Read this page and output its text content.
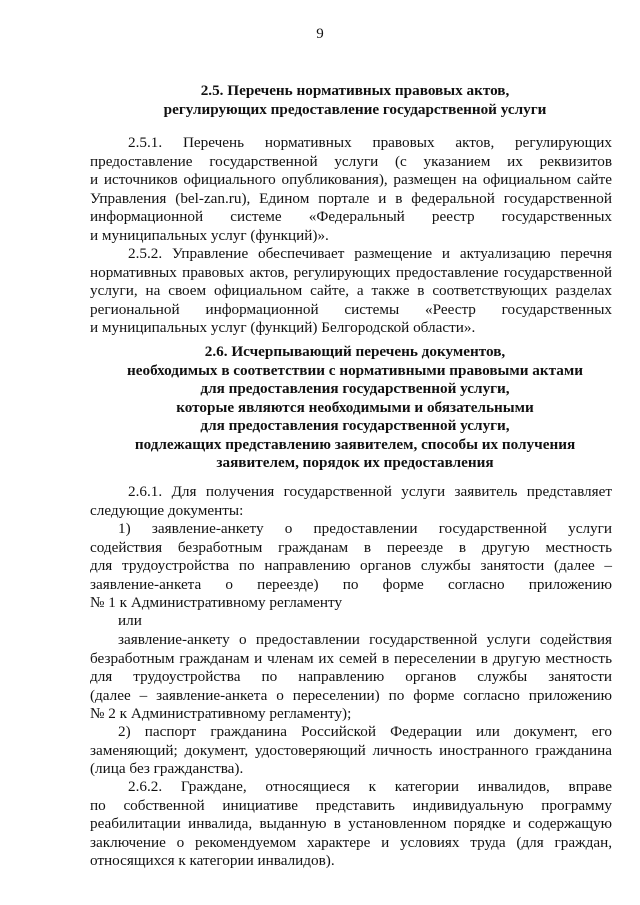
9
2.5. Перечень нормативных правовых актов,
регулирующих предоставление государственной услуги
2.5.1. Перечень нормативных правовых актов, регулирующих
предоставление государственной услуги (с указанием их реквизитов
и источников официального опубликования), размещен на официальном сайте
Управления (bel-zan.ru), Едином портале и в федеральной государственной
информационной системе «Федеральный реестр государственных
и муниципальных услуг (функций)».
2.5.2. Управление обеспечивает размещение и актуализацию перечня
нормативных правовых актов, регулирующих предоставление государственной
услуги, на своем официальном сайте, а также в соответствующих разделах
региональной информационной системы «Реестр государственных
и муниципальных услуг (функций) Белгородской области».
2.6. Исчерпывающий перечень документов,
необходимых в соответствии с нормативными правовыми актами
для предоставления государственной услуги,
которые являются необходимыми и обязательными
для предоставления государственной услуги,
подлежащих представлению заявителем, способы их получения
заявителем, порядок их предоставления
2.6.1. Для получения государственной услуги заявитель представляет
следующие документы:
1) заявление-анкету о предоставлении государственной услуги
содействия безработным гражданам в переезде в другую местность
для трудоустройства по направлению органов службы занятости (далее –
заявление-анкета о переезде) по форме согласно приложению
№ 1 к Административному регламенту
или
заявление-анкету о предоставлении государственной услуги содействия
безработным гражданам и членам их семей в переселении в другую местность
для трудоустройства по направлению органов службы занятости
(далее – заявление-анкета о переселении) по форме согласно приложению
№ 2 к Административному регламенту);
2) паспорт гражданина Российской Федерации или документ, его
заменяющий; документ, удостоверяющий личность иностранного гражданина
(лица без гражданства).
2.6.2. Граждане, относящиеся к категории инвалидов, вправе
по собственной инициативе представить индивидуальную программу
реабилитации инвалида, выданную в установленном порядке и содержащую
заключение о рекомендуемом характере и условиях труда (для граждан,
относящихся к категории инвалидов).
